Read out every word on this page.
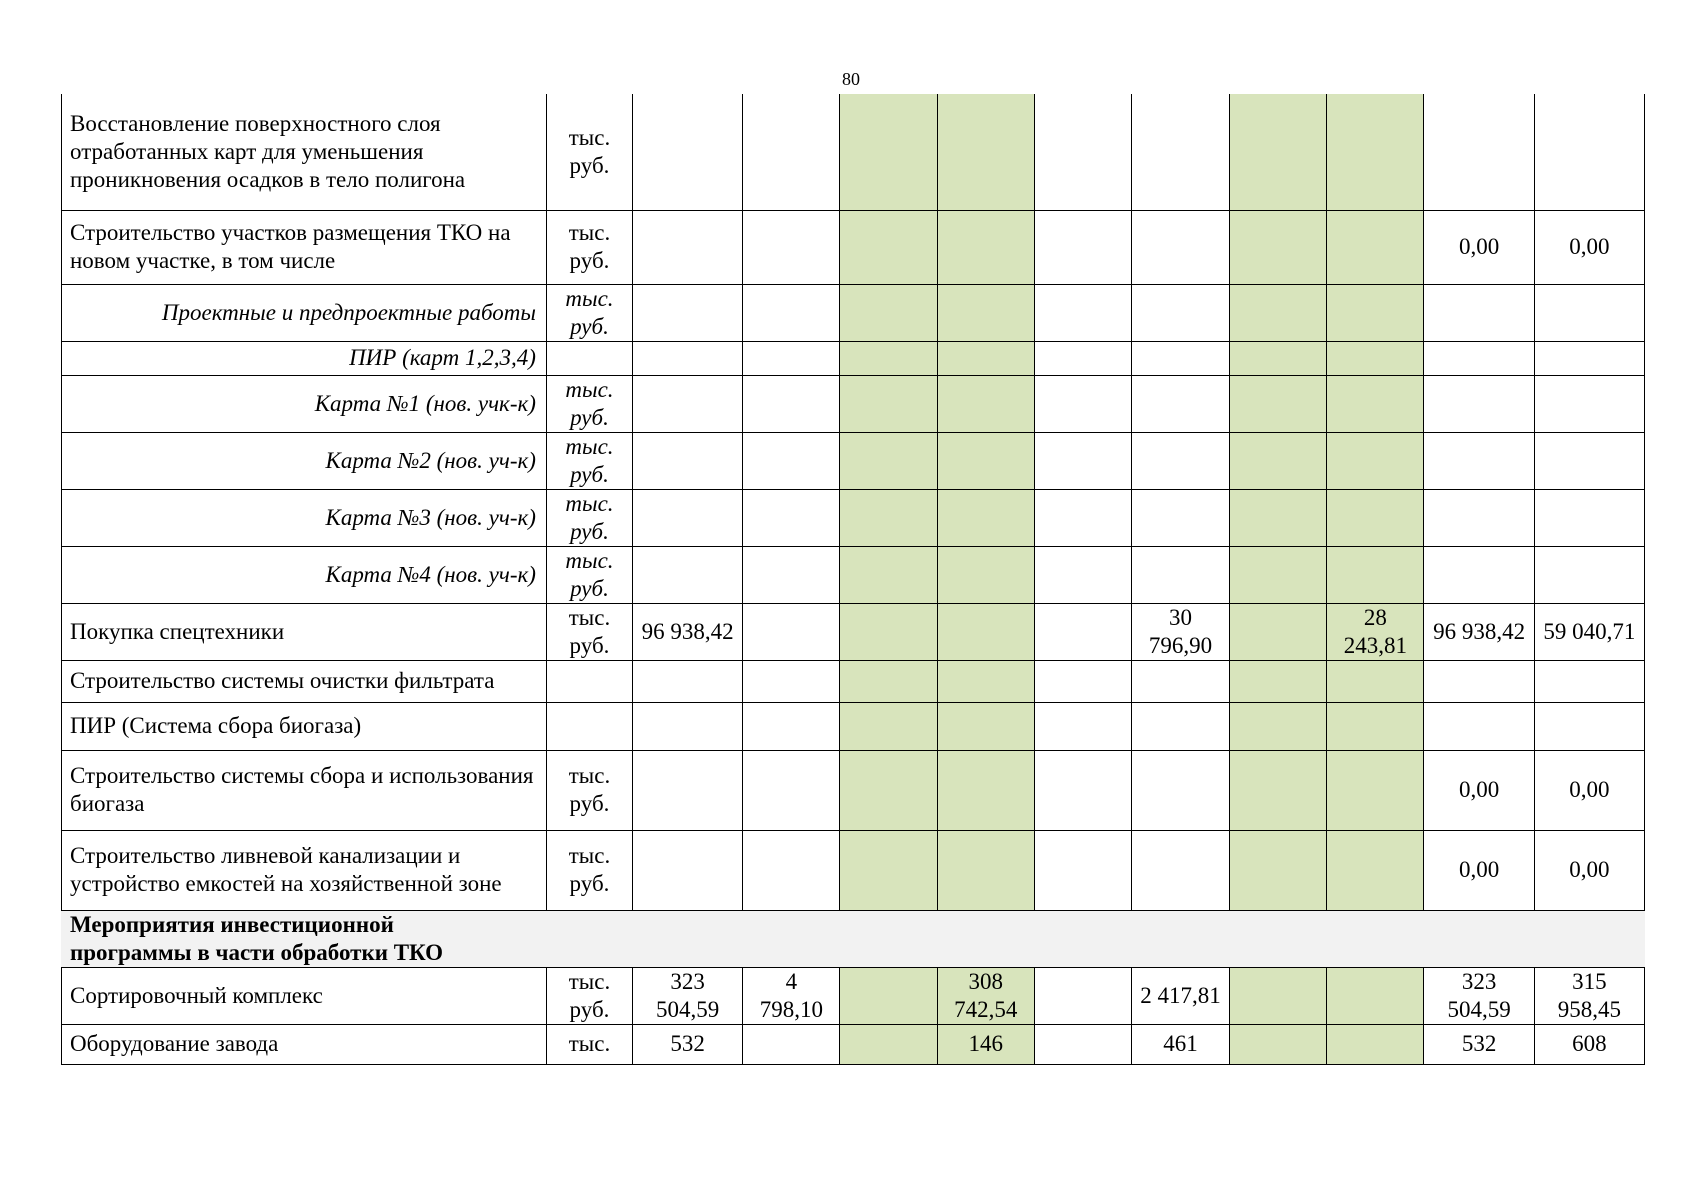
80
Восстановление поверхностного слоя отработанных карт для уменьшения проникновения осадков в тело полигона	тыс. руб.										
Строительство участков размещения ТКО на новом участке, в том числе	тыс. руб.									0,00	0,00
Проектные и предпроектные работы	тыс. руб.										
ПИР (карт 1,2,3,4)											
Карта №1 (нов. учк-к)	тыс. руб.										
Карта №2 (нов. уч-к)	тыс. руб.										
Карта №3 (нов. уч-к)	тыс. руб.										
Карта №4 (нов. уч-к)	тыс. руб.										
Покупка спецтехники	тыс. руб.	96 938,42					30 796,90		28 243,81	96 938,42	59 040,71
Строительство системы очистки фильтрата											
ПИР (Система сбора биогаза)											
Строительство системы сбора и использования биогаза	тыс. руб.									0,00	0,00
Строительство ливневой канализации и устройство емкостей на хозяйственной зоне	тыс. руб.									0,00	0,00

Мероприятия инвестиционной программы в части обработки ТКО											

Сортировочный комплекс	тыс. руб.	323 504,59	4 798,10		308 742,54		2 417,81			323 504,59	315 958,45
Оборудование завода	тыс.	532			146		461			532	608
